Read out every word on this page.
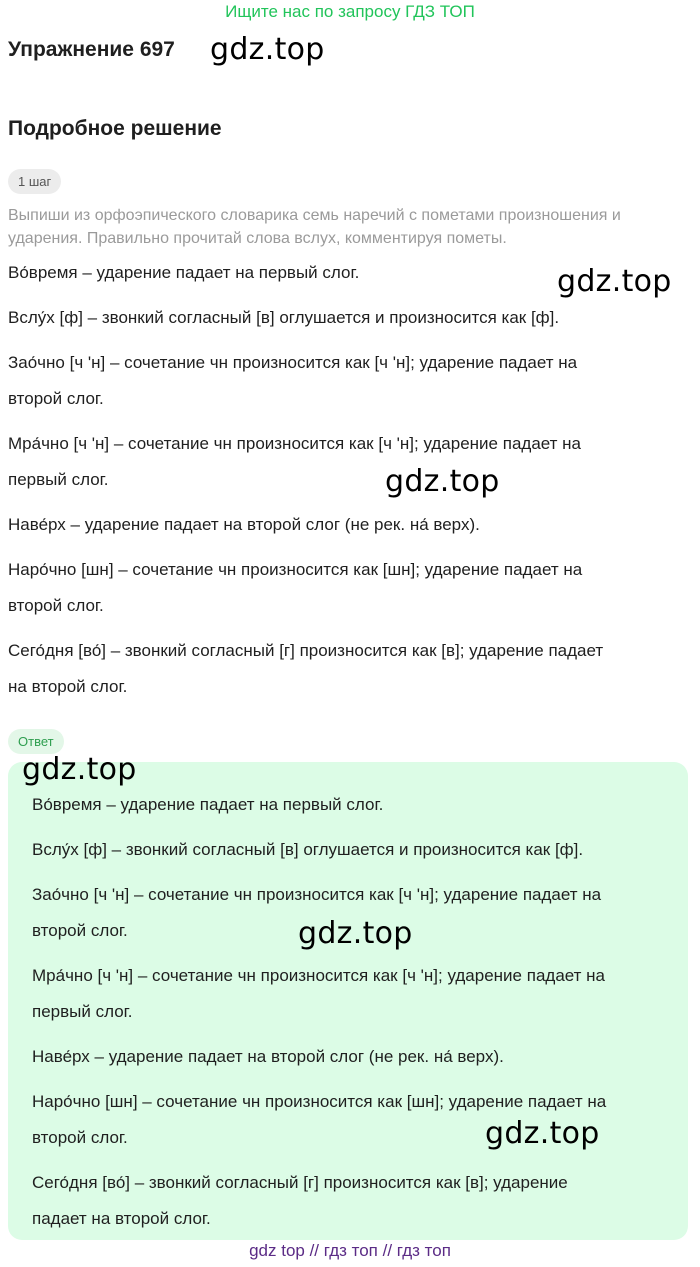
Ищите нас по запросу ГДЗ ТОП
Упражнение 697 gdz.top
Подробное решение
1 шаг
Выпиши из орфоэпического словарика семь наречий с пометами произношения и ударения. Правильно прочитай слова вслух, комментируя пометы.
Во́время – ударение падает на первый слог.
Вслу́х [ф] – звонкий согласный [в] оглушается и произносится как [ф].
Зао́чно [ч 'н] – сочетание чн произносится как [ч 'н]; ударение падает на
второй слог.
Мра́чно [ч 'н] – сочетание чн произносится как [ч 'н]; ударение падает на
первый слог.
Наве́рх – ударение падает на второй слог (не рек. на́ верх).
Наро́чно [шн] – сочетание чн произносится как [шн]; ударение падает на
второй слог.
Сего́дня [во́] – звонкий согласный [г] произносится как [в]; ударение падает
на второй слог.
gdz.top
gdz.top
Ответ
gdz.top
Во́время – ударение падает на первый слог.
Вслу́х [ф] – звонкий согласный [в] оглушается и произносится как [ф].
Зао́чно [ч 'н] – сочетание чн произносится как [ч 'н]; ударение падает на
второй слог.
Мра́чно [ч 'н] – сочетание чн произносится как [ч 'н]; ударение падает на
первый слог.
Наве́рх – ударение падает на второй слог (не рек. на́ верх).
Наро́чно [шн] – сочетание чн произносится как [шн]; ударение падает на
второй слог.
Сего́дня [во́] – звонкий согласный [г] произносится как [в]; ударение
падает на второй слог.
gdz.top
gdz.top
gdz top // гдз топ // гдз топ
